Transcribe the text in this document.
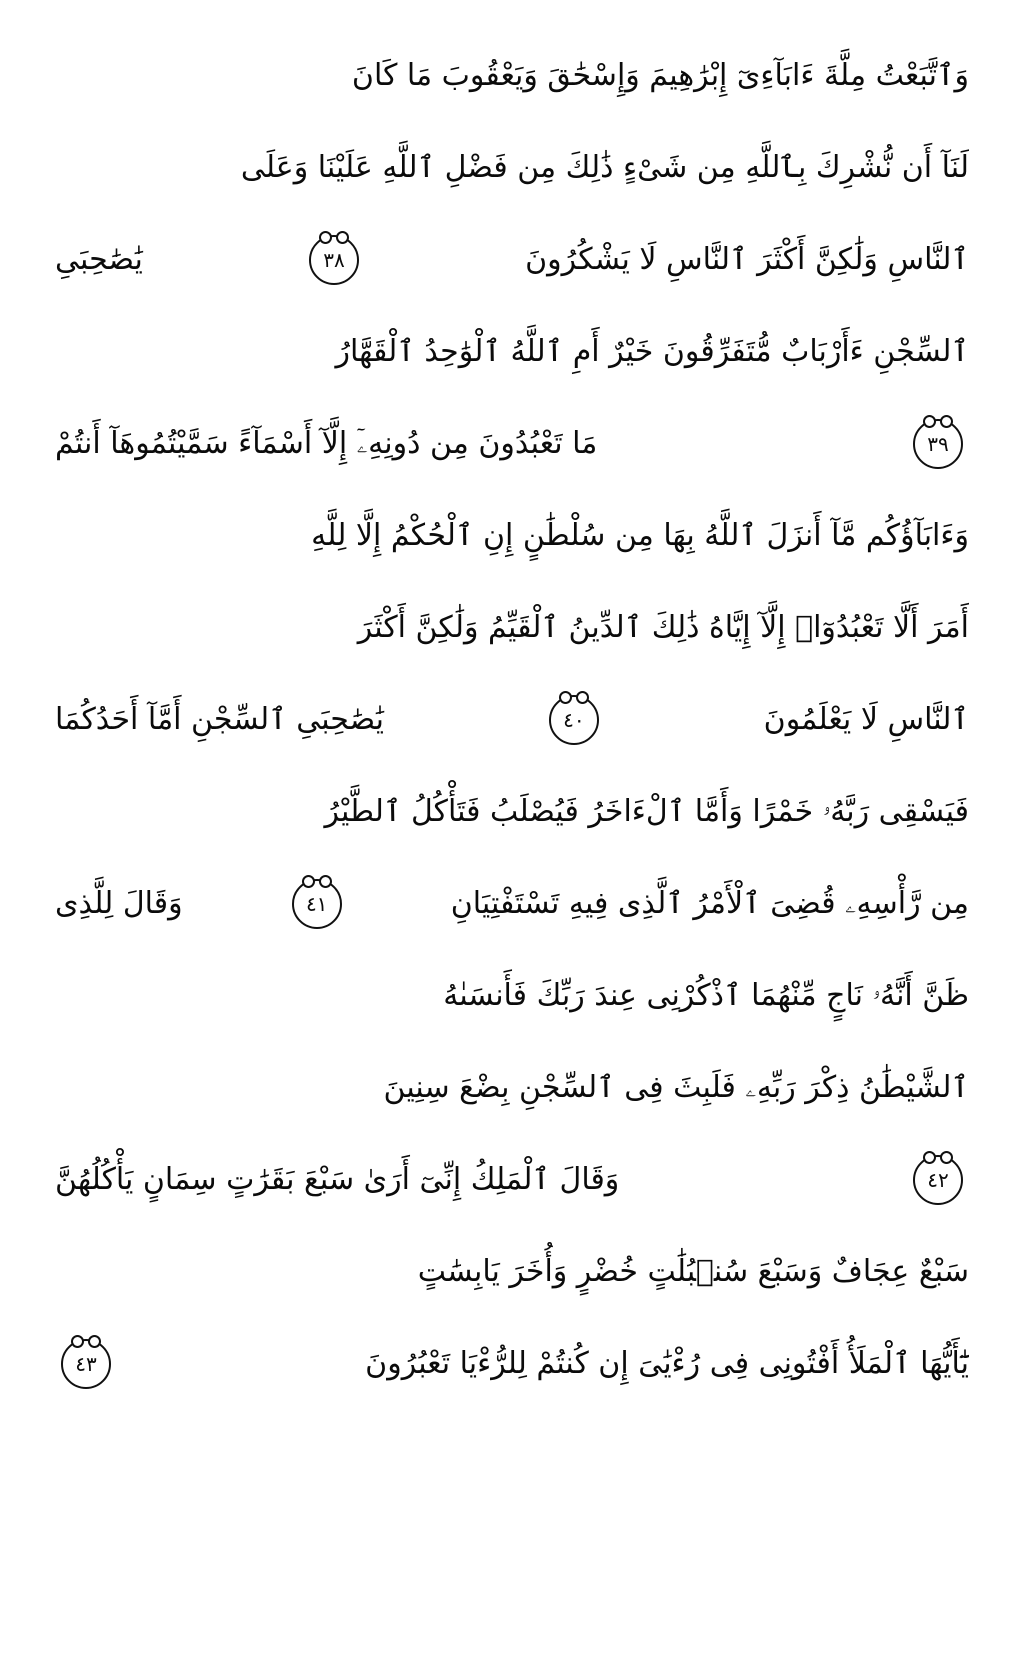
وَٱتَّبَعْتُ مِلَّةَ ءَابَآءِىٓ إِبْرَٰهِيمَ وَإِسْحَٰقَ وَيَعْقُوبَ مَا كَانَ
لَنَآ أَن نُّشْرِكَ بِٱللَّهِ مِن شَىْءٍ ذَٰلِكَ مِن فَضْلِ ٱللَّهِ عَلَيْنَا وَعَلَى
ٱلنَّاسِ وَلَٰكِنَّ أَكْثَرَ ٱلنَّاسِ لَا يَشْكُرُونَ
٣٨
يَٰصَٰحِبَىِ
ٱلسِّجْنِ ءَأَرْبَابٌ مُّتَفَرِّقُونَ خَيْرٌ أَمِ ٱللَّهُ ٱلْوَٰحِدُ ٱلْقَهَّارُ
٣٩
مَا تَعْبُدُونَ مِن دُونِهِۦٓ إِلَّآ أَسْمَآءً سَمَّيْتُمُوهَآ أَنتُمْ
وَءَابَآؤُكُم مَّآ أَنزَلَ ٱللَّهُ بِهَا مِن سُلْطَٰنٍ إِنِ ٱلْحُكْمُ إِلَّا لِلَّهِ
أَمَرَ أَلَّا تَعْبُدُوٓا۟ إِلَّآ إِيَّاهُ ذَٰلِكَ ٱلدِّينُ ٱلْقَيِّمُ وَلَٰكِنَّ أَكْثَرَ
ٱلنَّاسِ لَا يَعْلَمُونَ
٤٠
يَٰصَٰحِبَىِ ٱلسِّجْنِ أَمَّآ أَحَدُكُمَا
فَيَسْقِى رَبَّهُۥ خَمْرًا وَأَمَّا ٱلْءَاخَرُ فَيُصْلَبُ فَتَأْكُلُ ٱلطَّيْرُ
مِن رَّأْسِهِۦ قُضِىَ ٱلْأَمْرُ ٱلَّذِى فِيهِ تَسْتَفْتِيَانِ
٤١
وَقَالَ لِلَّذِى
ظَنَّ أَنَّهُۥ نَاجٍ مِّنْهُمَا ٱذْكُرْنِى عِندَ رَبِّكَ فَأَنسَىٰهُ
ٱلشَّيْطَٰنُ ذِكْرَ رَبِّهِۦ فَلَبِثَ فِى ٱلسِّجْنِ بِضْعَ سِنِينَ
٤٢
وَقَالَ ٱلْمَلِكُ إِنِّىٓ أَرَىٰ سَبْعَ بَقَرَٰتٍ سِمَانٍ يَأْكُلُهُنَّ
سَبْعٌ عِجَافٌ وَسَبْعَ سُنۢبُلَٰتٍ خُضْرٍ وَأُخَرَ يَابِسَٰتٍ
يَٰٓأَيُّهَا ٱلْمَلَأُ أَفْتُونِى فِى رُءْيَٰىَ إِن كُنتُمْ لِلرُّءْيَا تَعْبُرُونَ
٤٣
